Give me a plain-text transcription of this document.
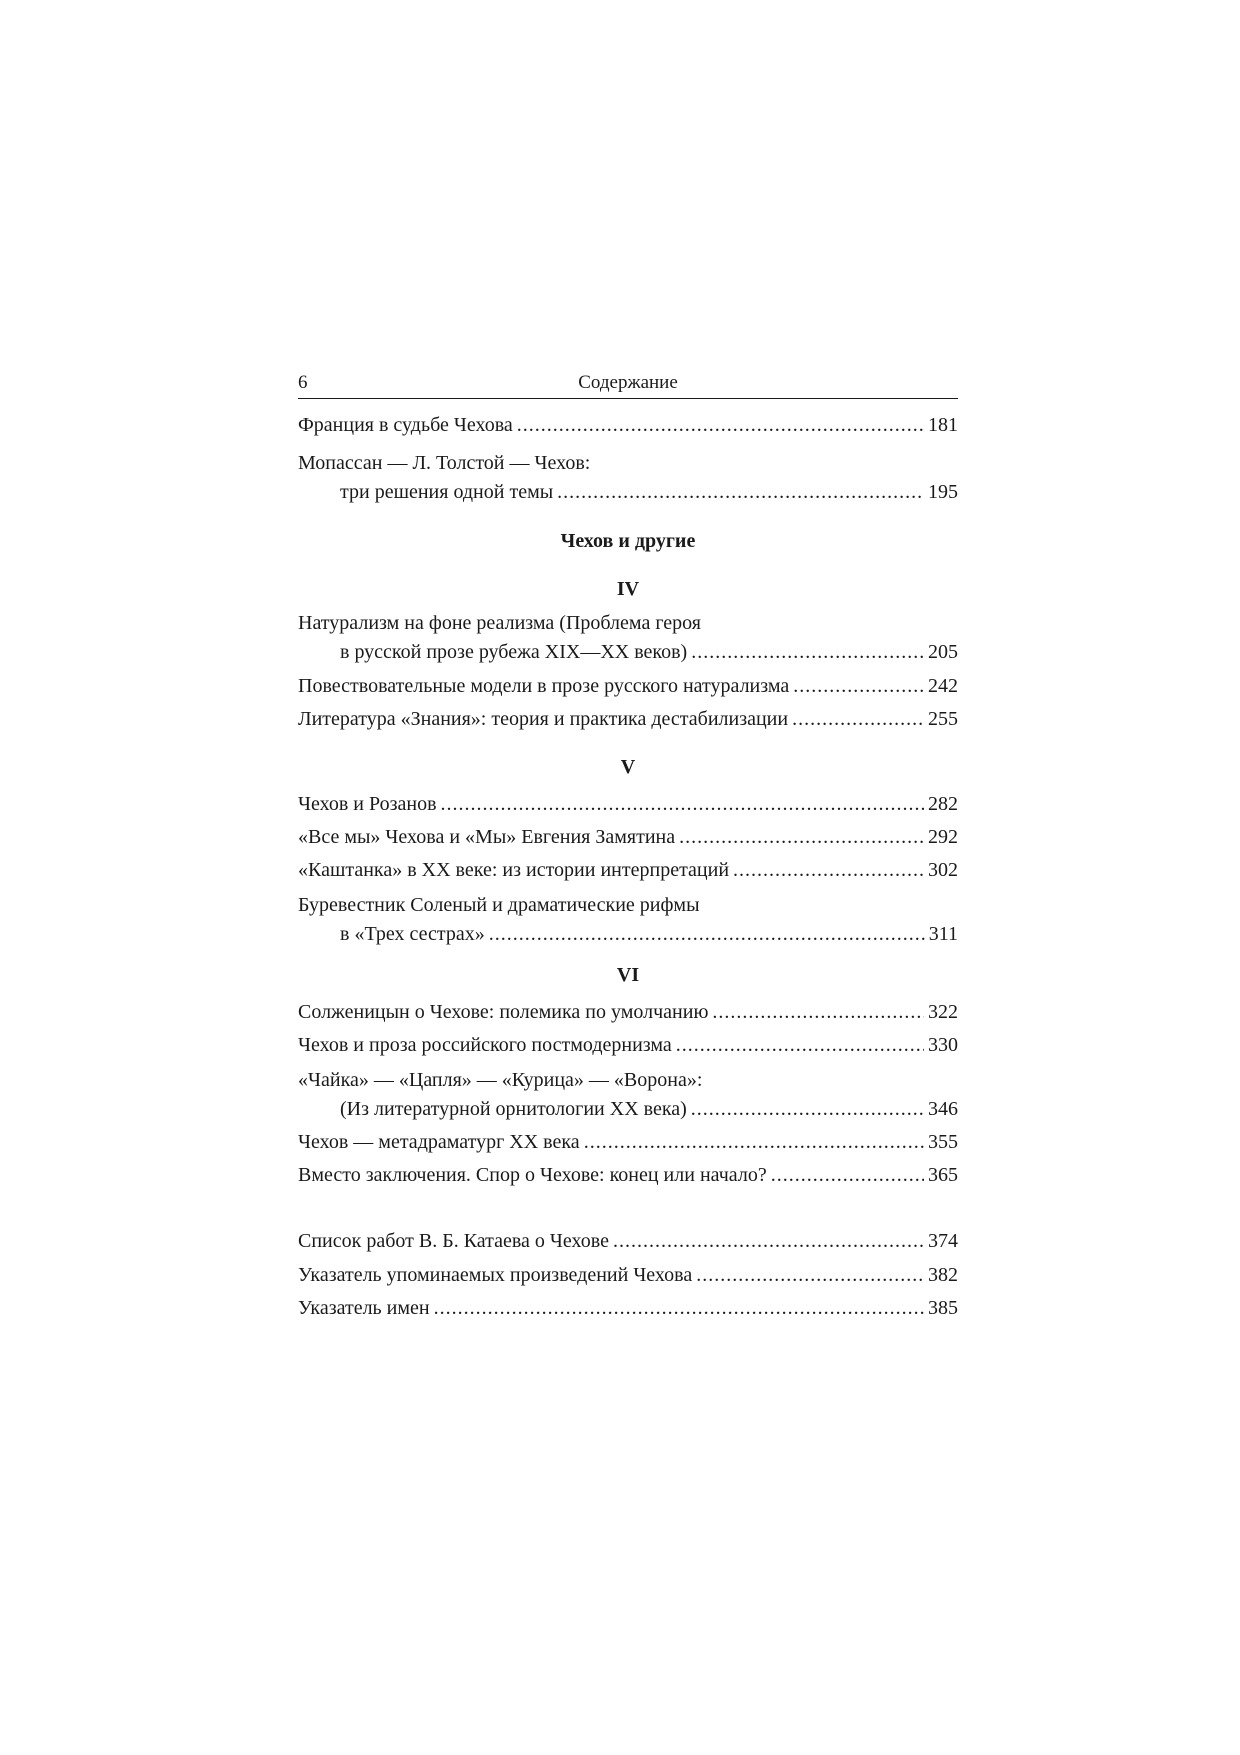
6	Содержание
Франция в судьбе Чехова .....	181
Мопассан — Л. Толстой — Чехов:
три решения одной темы .....	195
Чехов и другие
IV
Натурализм на фоне реализма (Проблема героя
в русской прозе рубежа XIX—XX веков) .....	205
Повествовательные модели в прозе русского натурализма .....	242
Литература «Знания»: теория и практика дестабилизации .....	255
V
Чехов и Розанов .....	282
«Все мы» Чехова и «Мы» Евгения Замятина .....	292
«Каштанка» в XX веке: из истории интерпретаций .....	302
Буревестник Соленый и драматические рифмы
в «Трех сестрах» .....	311
VI
Солженицын о Чехове: полемика по умолчанию .....	322
Чехов и проза российского постмодернизма .....	330
«Чайка» — «Цапля» — «Курица» — «Ворона»:
(Из литературной орнитологии XX века) .....	346
Чехов — метадраматург XX века .....	355
Вместо заключения. Спор о Чехове: конец или начало? .....	365
Список работ В. Б. Катаева о Чехове .....	374
Указатель упоминаемых произведений Чехова .....	382
Указатель имен .....	385
